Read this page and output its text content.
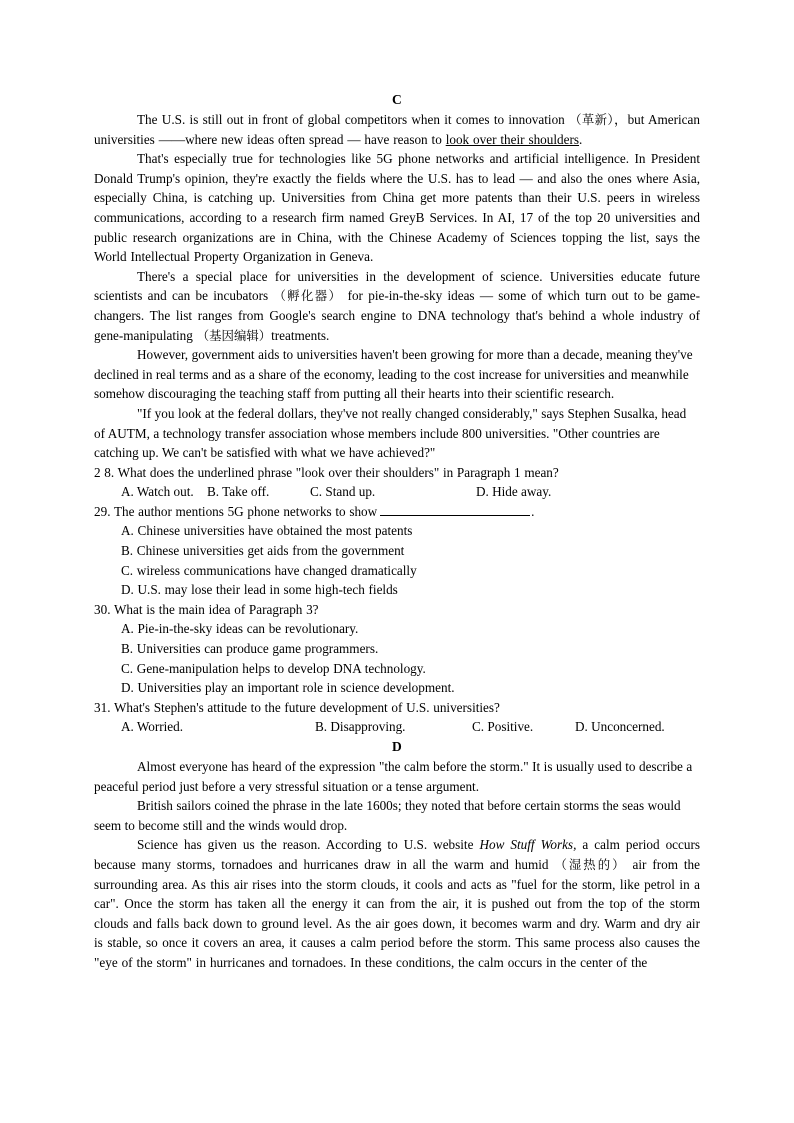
C

The U.S. is still out in front of global competitors when it comes to innovation （革新），but American universities ——where new ideas often spread — have reason to look over their shoulders.

That's especially true for technologies like 5G phone networks and artificial intelligence. In President Donald Trump's opinion, they're exactly the fields where the U.S. has to lead — and also the ones where Asia, especially China, is catching up. Universities from China get more patents than their U.S. peers in wireless communications, according to a research firm named GreyB Services. In AI, 17 of the top 20 universities and public research organizations are in China, with the Chinese Academy of Sciences topping the list, says the World Intellectual Property Organization in Geneva.

There's a special place for universities in the development of science. Universities educate future scientists and can be incubators （孵化器） for pie-in-the-sky ideas — some of which turn out to be game-changers. The list ranges from Google's search engine to DNA technology that's behind a whole industry of gene-manipulating （基因编辑）treatments.

However, government aids to universities haven't been growing for more than a decade, meaning they've declined in real terms and as a share of the economy, leading to the cost increase for universities and meanwhile somehow discouraging the teaching staff from putting all their hearts into their scientific research.

"If you look at the federal dollars, they've not really changed considerably," says Stephen Susalka, head of AUTM, a technology transfer association whose members include 800 universities. "Other countries are catching up. We can't be satisfied with what we have achieved?"

2 8. What does the underlined phrase "look over their shoulders" in Paragraph 1 mean?

A. Watch out. B. Take off.	C. Stand up.	D. Hide away.

29. The author mentions 5G phone networks to show	.

A. Chinese universities have obtained the most patents
B. Chinese universities get aids from the government
C. wireless communications have changed dramatically
D. U.S. may lose their lead in some high-tech fields

30. What is the main idea of Paragraph 3?

A. Pie-in-the-sky ideas can be revolutionary.
B. Universities can produce game programmers.
C. Gene-manipulation helps to develop DNA technology.
D. Universities play an important role in science development.

31. What's Stephen's attitude to the future development of U.S. universities?

A. Worried.	B. Disapproving.	C. Positive.	D. Unconcerned.
D

Almost everyone has heard of the expression "the calm before the storm." It is usually used to describe a peaceful period just before a very stressful situation or a tense argument.

British sailors coined the phrase in the late 1600s; they noted that before certain storms the seas would seem to become still and the winds would drop.

Science has given us the reason. According to U.S. website How Stuff Works, a calm period occurs because many storms, tornadoes and hurricanes draw in all the warm and humid （湿热的） air from the surrounding area. As this air rises into the storm clouds, it cools and acts as "fuel for the storm, like petrol in a car". Once the storm has taken all the energy it can from the air, it is pushed out from the top of the storm clouds and falls back down to ground level. As the air goes down, it becomes warm and dry. Warm and dry air is stable, so once it covers an area, it causes a calm period before the storm. This same process also causes the "eye of the storm" in hurricanes and tornadoes. In these conditions, the calm occurs in the center of the
